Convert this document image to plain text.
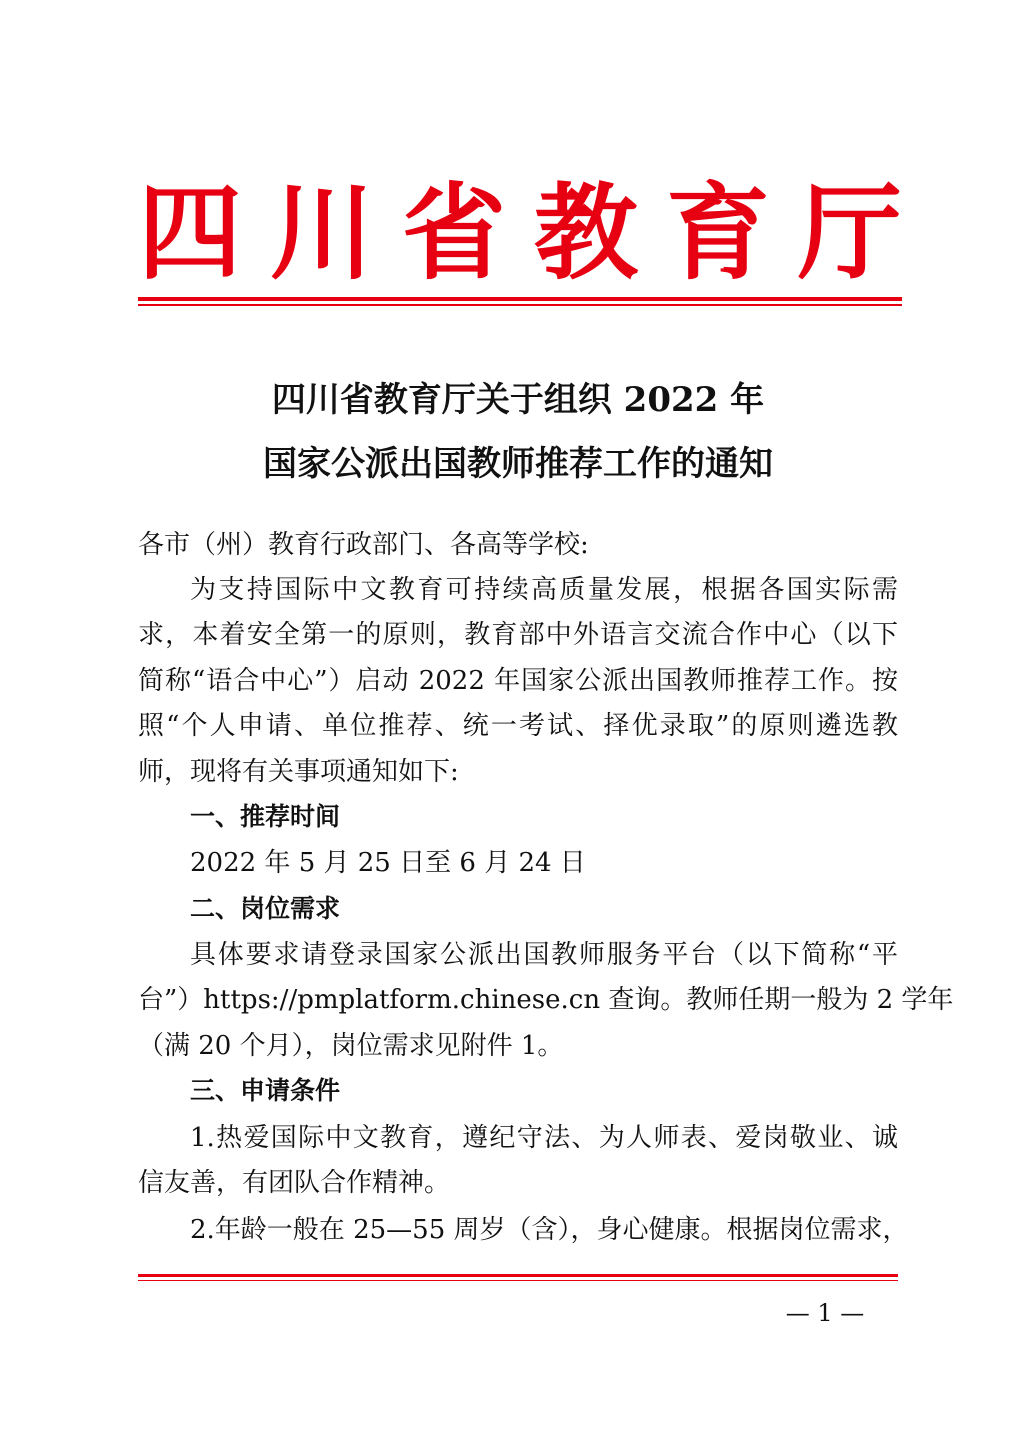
四 川 省 教 育 厅
四川省教育厅关于组织 2022 年
国家公派出国教师推荐工作的通知
各市（州）教育行政部门、各高等学校:
为支持国际中文教育可持续高质量发展，根据各国实际需
求，本着安全第一的原则，教育部中外语言交流合作中心（以下
简称“语合中心”）启动 2022 年国家公派出国教师推荐工作。按
照“个人申请、单位推荐、统一考试、择优录取”的原则遴选教
师，现将有关事项通知如下:
一、推荐时间
2022 年 5 月 25 日至 6 月 24 日
二、岗位需求
具体要求请登录国家公派出国教师服务平台（以下简称“平
台”）https://pmplatform.chinese.cn 查询。教师任期一般为 2 学年
（满 20 个月），岗位需求见附件 1。
三、申请条件
1.热爱国际中文教育，遵纪守法、为人师表、爱岗敬业、诚
信友善，有团队合作精神。
2.年龄一般在 25—55 周岁（含），身心健康。根据岗位需求，
— 1 —
